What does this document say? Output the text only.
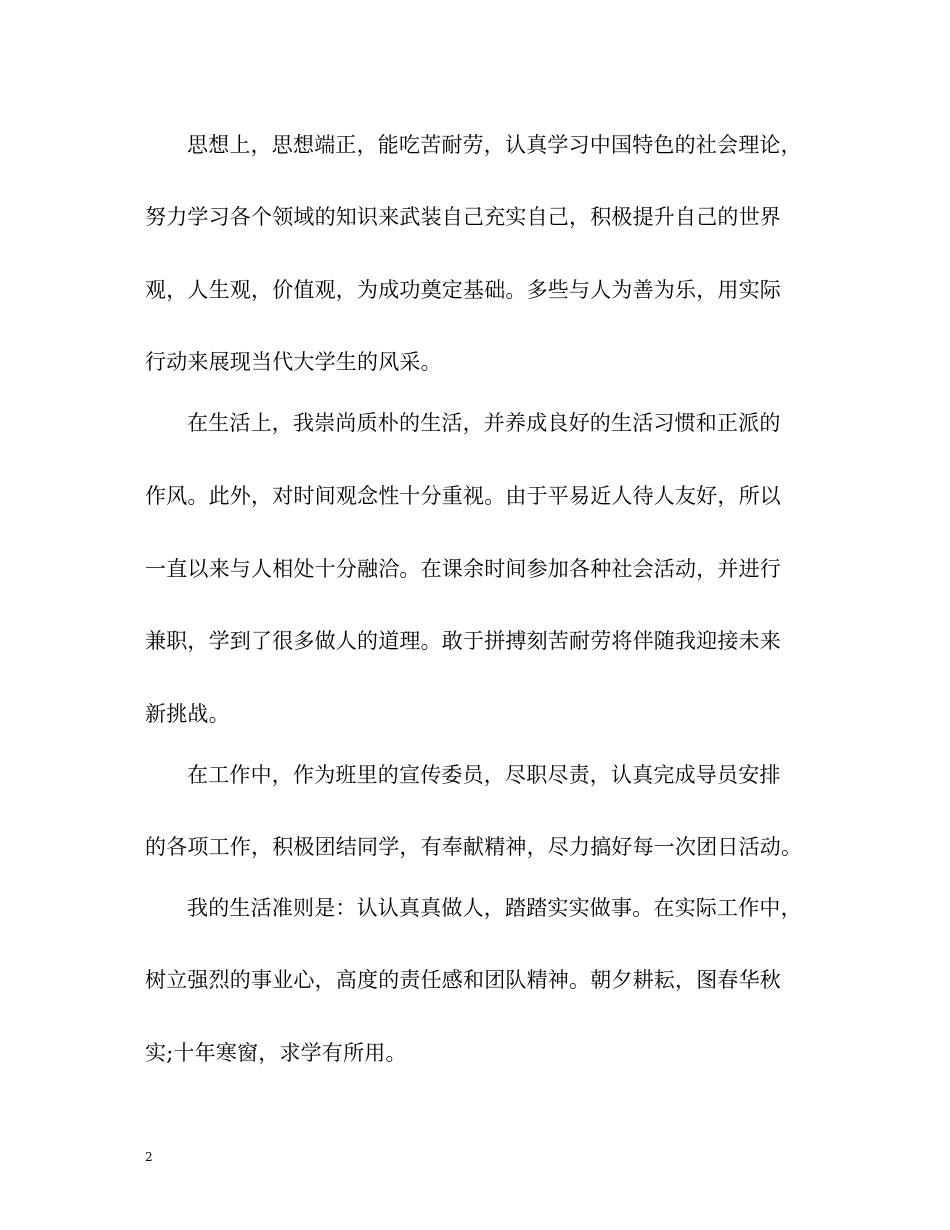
思想上，思想端正，能吃苦耐劳，认真学习中国特色的社会理论，
努力学习各个领域的知识来武装自己充实自己，积极提升自己的世界
观，人生观，价值观，为成功奠定基础。多些与人为善为乐，用实际
行动来展现当代大学生的风采。
在生活上，我崇尚质朴的生活，并养成良好的生活习惯和正派的
作风。此外，对时间观念性十分重视。由于平易近人待人友好，所以
一直以来与人相处十分融洽。在课余时间参加各种社会活动，并进行
兼职，学到了很多做人的道理。敢于拼搏刻苦耐劳将伴随我迎接未来
新挑战。
在工作中，作为班里的宣传委员，尽职尽责，认真完成导员安排
的各项工作，积极团结同学，有奉献精神，尽力搞好每一次团日活动。
我的生活准则是：认认真真做人，踏踏实实做事。在实际工作中，
树立强烈的事业心，高度的责任感和团队精神。朝夕耕耘，图春华秋
实;十年寒窗，求学有所用。
2
